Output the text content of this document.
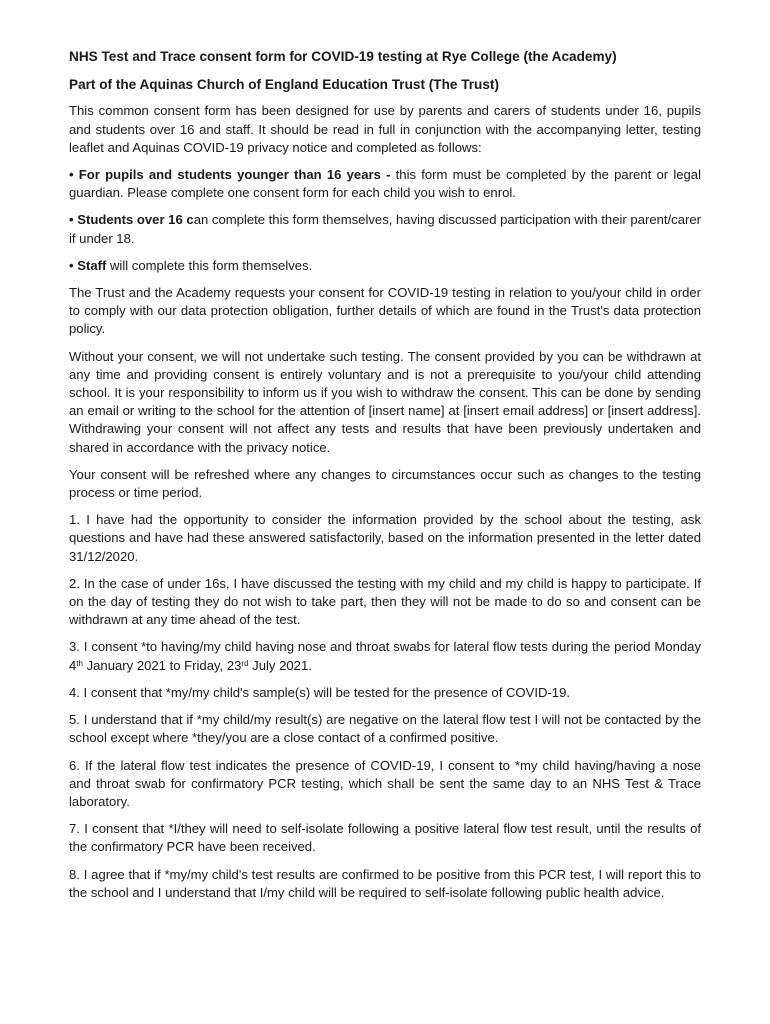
NHS Test and Trace consent form for COVID-19 testing at Rye College (the Academy)
Part of the Aquinas Church of England Education Trust (The Trust)

This common consent form has been designed for use by parents and carers of students under 16, pupils and students over 16 and staff. It should be read in full in conjunction with the accompanying letter, testing leaflet and Aquinas COVID-19 privacy notice and completed as follows:

• For pupils and students younger than 16 years - this form must be completed by the parent or legal guardian. Please complete one consent form for each child you wish to enrol.

• Students over 16 can complete this form themselves, having discussed participation with their parent/carer if under 18.

• Staff will complete this form themselves.

The Trust and the Academy requests your consent for COVID-19 testing in relation to you/your child in order to comply with our data protection obligation, further details of which are found in the Trust's data protection policy.

Without your consent, we will not undertake such testing. The consent provided by you can be withdrawn at any time and providing consent is entirely voluntary and is not a prerequisite to you/your child attending school. It is your responsibility to inform us if you wish to withdraw the consent. This can be done by sending an email or writing to the school for the attention of [insert name] at [insert email address] or [insert address]. Withdrawing your consent will not affect any tests and results that have been previously undertaken and shared in accordance with the privacy notice.

Your consent will be refreshed where any changes to circumstances occur such as changes to the testing process or time period.

1. I have had the opportunity to consider the information provided by the school about the testing, ask questions and have had these answered satisfactorily, based on the information presented in the letter dated 31/12/2020.

2. In the case of under 16s, I have discussed the testing with my child and my child is happy to participate. If on the day of testing they do not wish to take part, then they will not be made to do so and consent can be withdrawn at any time ahead of the test.

3. I consent *to having/my child having nose and throat swabs for lateral flow tests during the period Monday 4th January 2021 to Friday, 23rd July 2021.

4. I consent that *my/my child's sample(s) will be tested for the presence of COVID-19.

5. I understand that if *my child/my result(s) are negative on the lateral flow test I will not be contacted by the school except where *they/you are a close contact of a confirmed positive.

6. If the lateral flow test indicates the presence of COVID-19, I consent to *my child having/having a nose and throat swab for confirmatory PCR testing, which shall be sent the same day to an NHS Test & Trace laboratory.

7. I consent that *I/they will need to self-isolate following a positive lateral flow test result, until the results of the confirmatory PCR have been received.

8. I agree that if *my/my child's test results are confirmed to be positive from this PCR test, I will report this to the school and I understand that I/my child will be required to self-isolate following public health advice.
